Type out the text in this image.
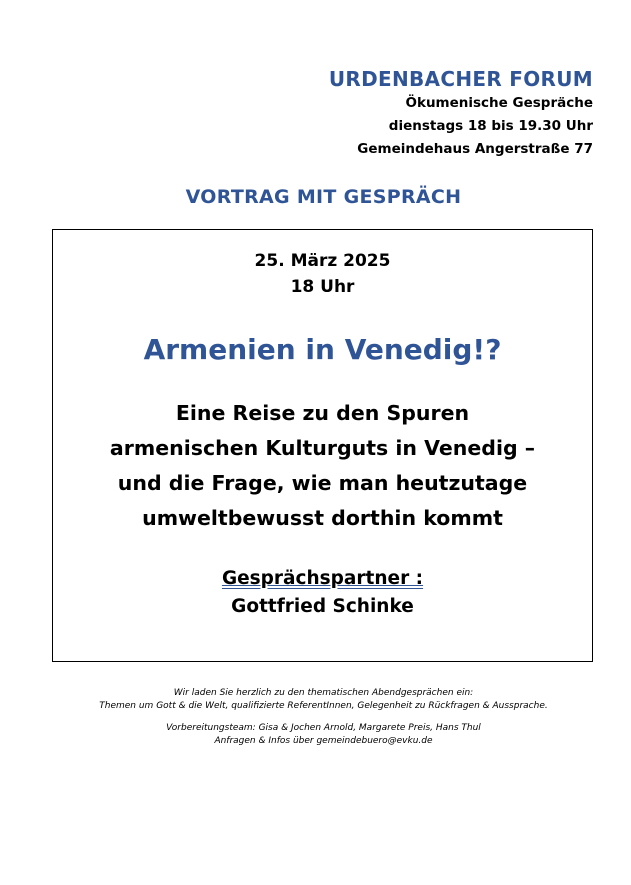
URDENBACHER FORUM
Ökumenische Gespräche
dienstags 18 bis 19.30 Uhr
Gemeindehaus Angerstraße 77
VORTRAG MIT GESPRÄCH
25. März 2025
18 Uhr
Armenien in Venedig!?
Eine Reise zu den Spuren
armenischen Kulturguts in Venedig –
und die Frage, wie man heutzutage
umweltbewusst dorthin kommt
Gesprächspartner :
Gottfried Schinke
Wir laden Sie herzlich zu den thematischen Abendgesprächen ein:
Themen um Gott & die Welt, qualifizierte ReferentInnen, Gelegenheit zu Rückfragen & Aussprache.
Vorbereitungsteam: Gisa & Jochen Arnold, Margarete Preis, Hans Thul
Anfragen & Infos über gemeindebuero@evku.de
